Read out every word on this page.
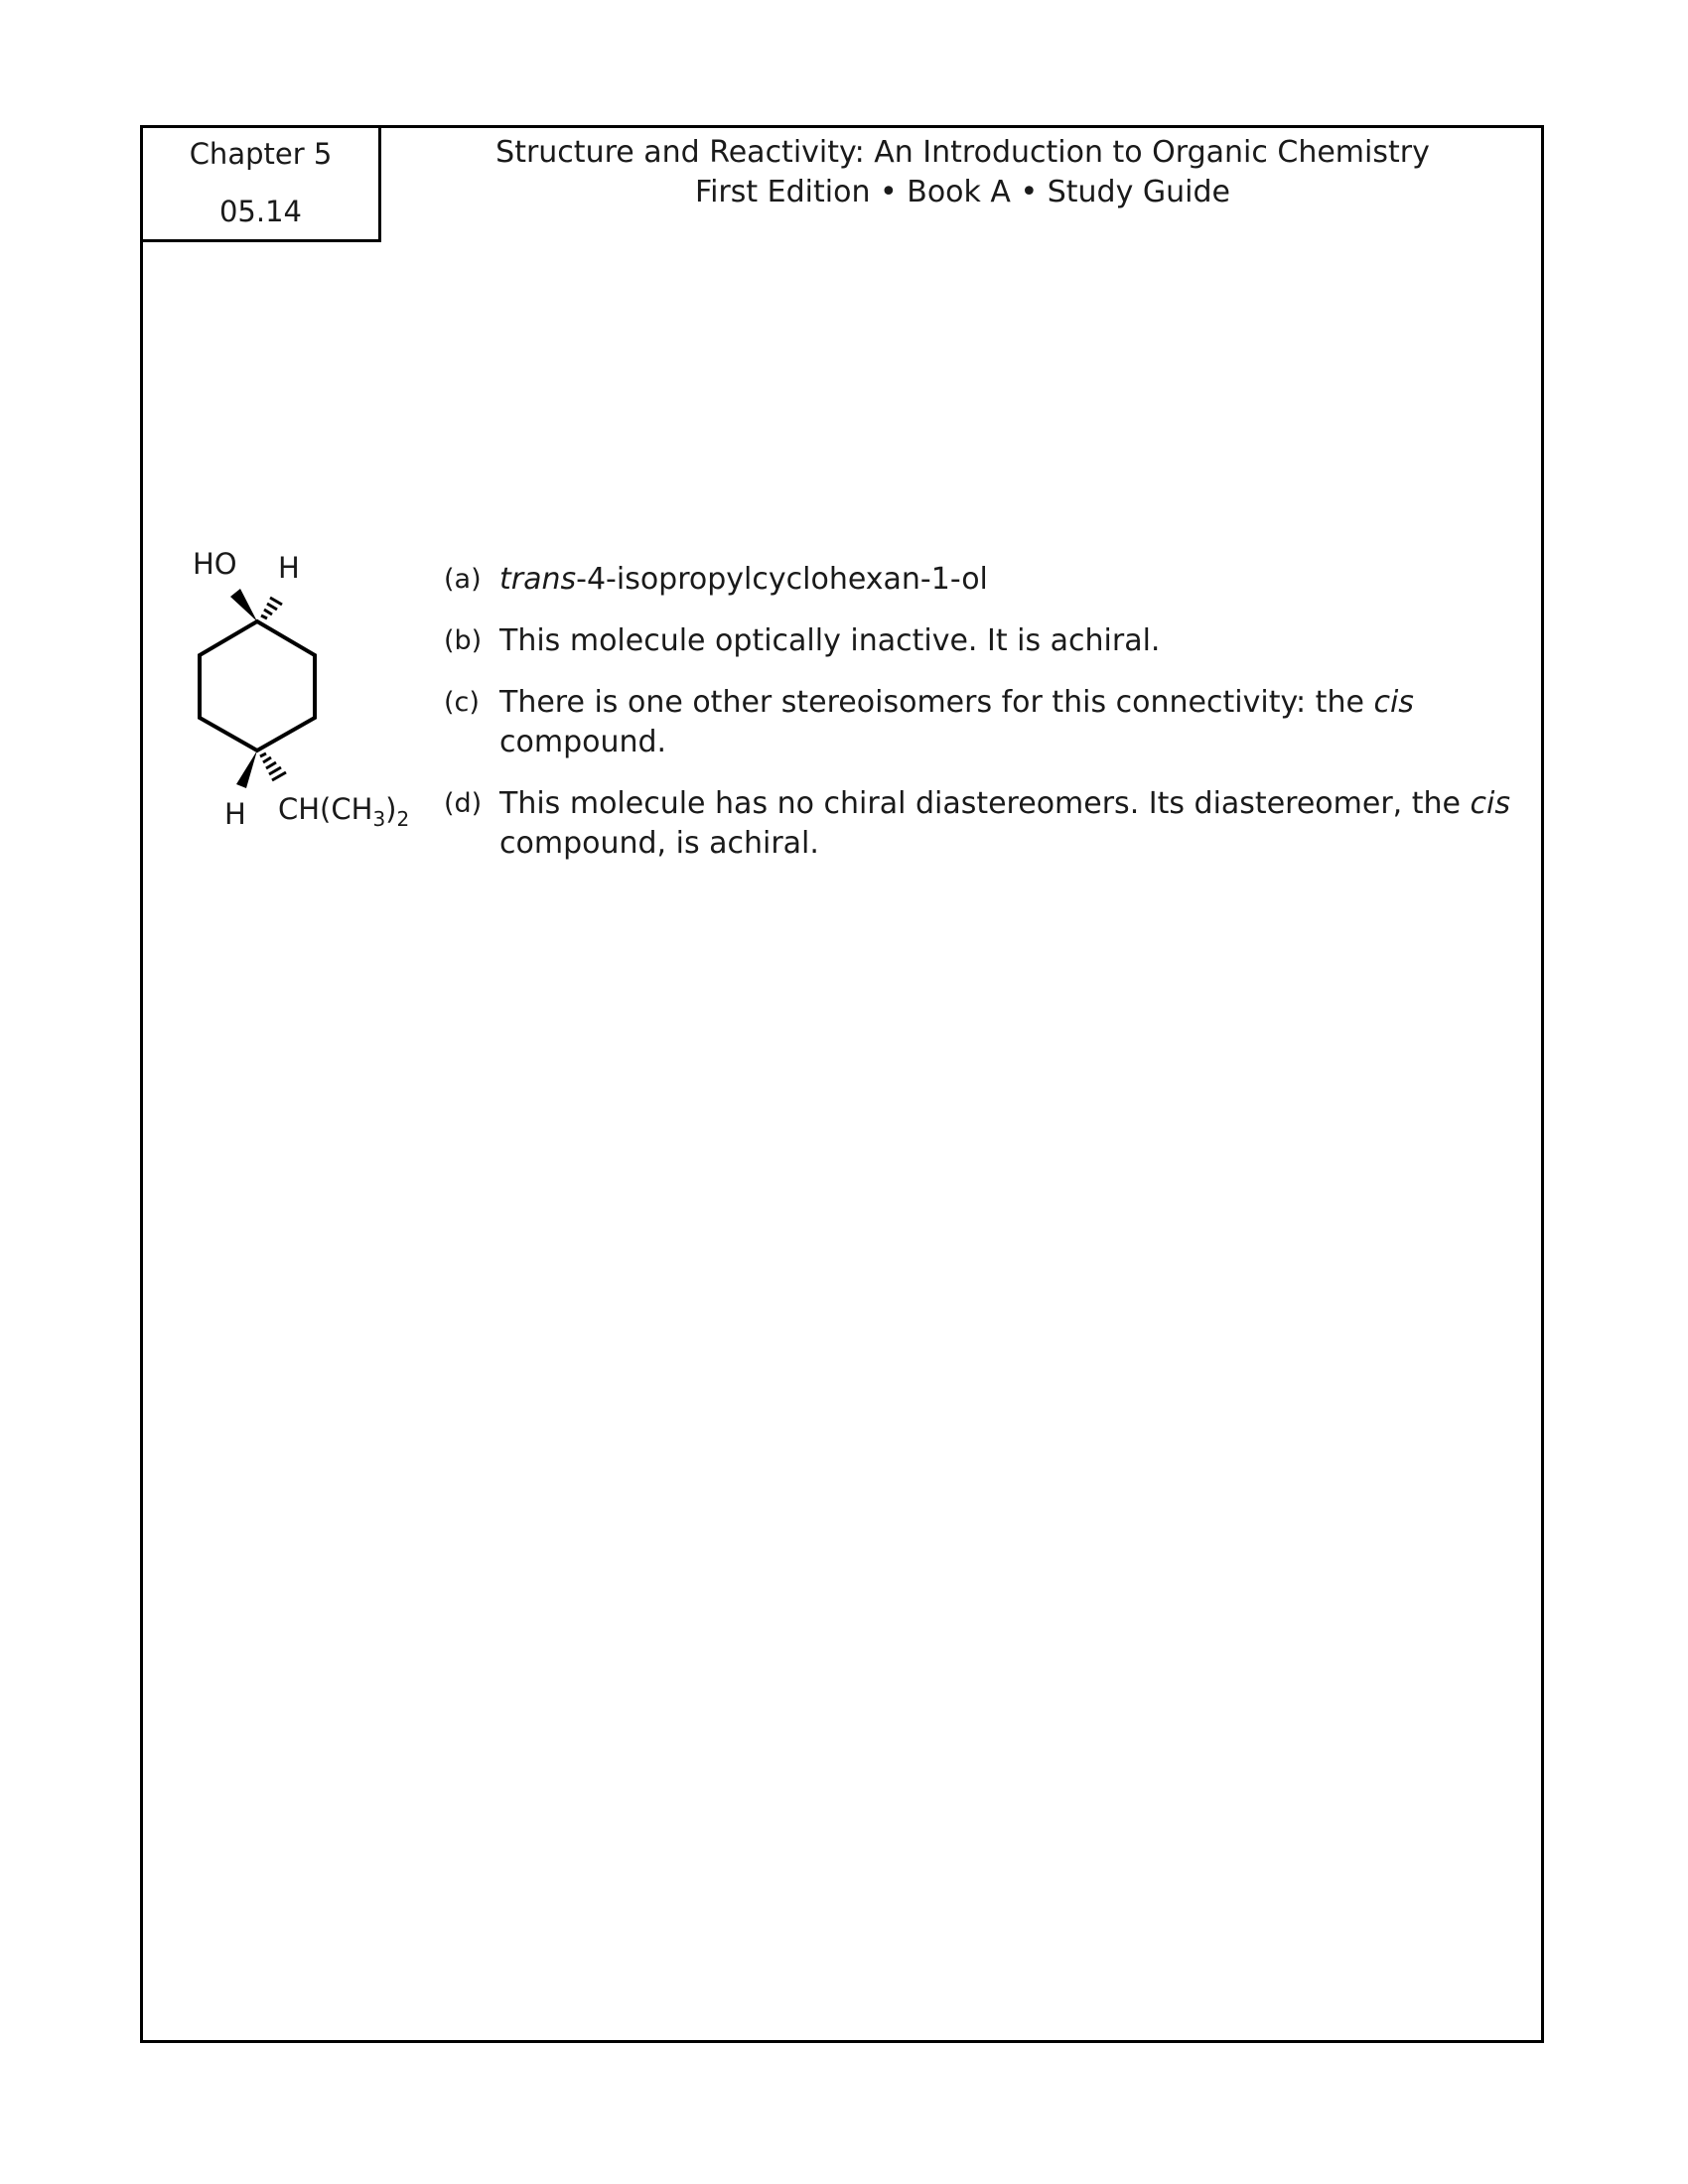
Chapter 5
05.14
Structure and Reactivity: An Introduction to Organic Chemistry
First Edition • Book A • Study Guide
HO H
H $CH(CH_3)_2$
(a) trans-4-isopropylcyclohexan-1-ol
(b) This molecule optically inactive. It is achiral.
(c) There is one other stereoisomers for this connectivity: the cis compound.
(d) This molecule has no chiral diastereomers. Its diastereomer, the cis compound, is achiral.
